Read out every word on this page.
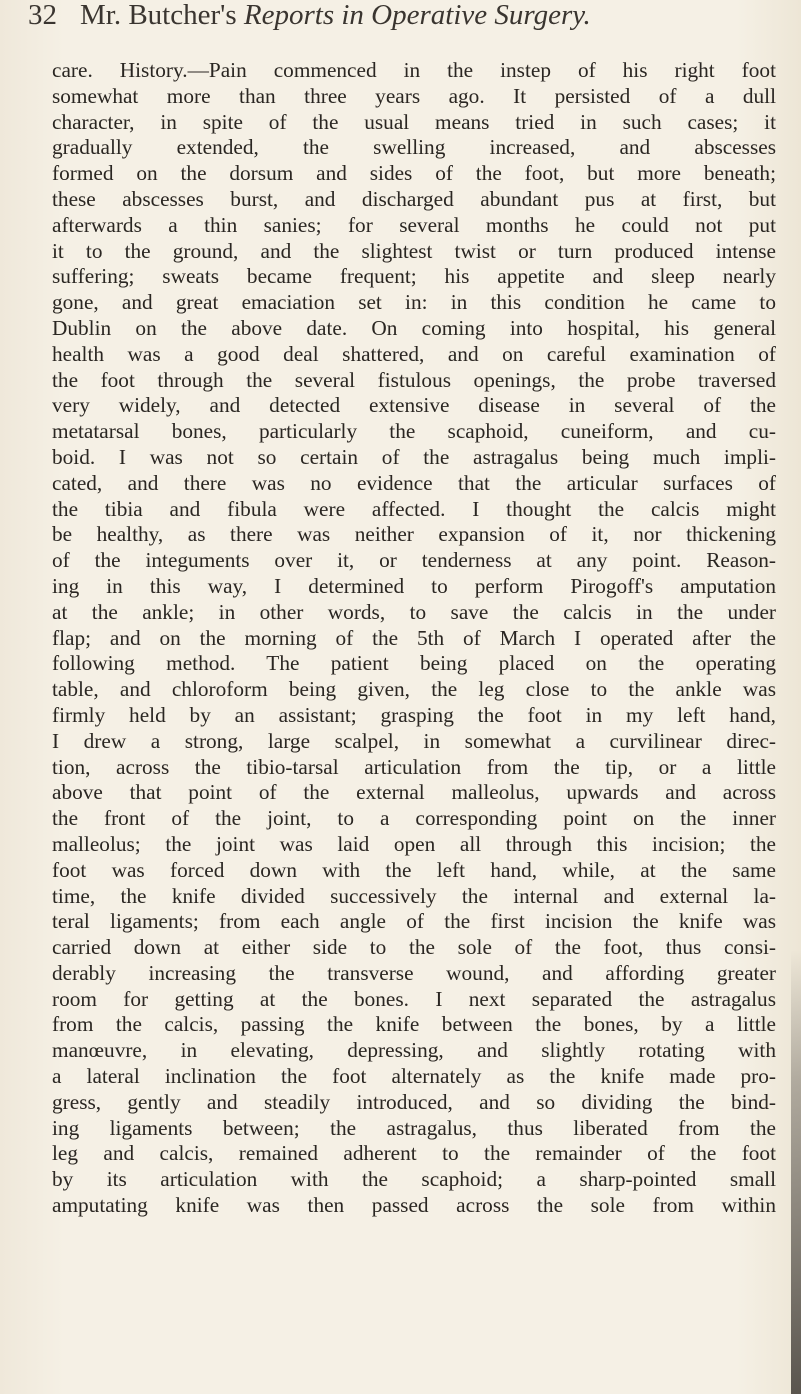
32 Mr. Butcher's Reports in Operative Surgery.
care. History.—Pain commenced in the instep of his right foot
somewhat more than three years ago. It persisted of a dull
character, in spite of the usual means tried in such cases; it
gradually extended, the swelling increased, and abscesses
formed on the dorsum and sides of the foot, but more beneath;
these abscesses burst, and discharged abundant pus at first, but
afterwards a thin sanies; for several months he could not put
it to the ground, and the slightest twist or turn produced intense
suffering; sweats became frequent; his appetite and sleep nearly
gone, and great emaciation set in: in this condition he came to
Dublin on the above date. On coming into hospital, his general
health was a good deal shattered, and on careful examination of
the foot through the several fistulous openings, the probe traversed
very widely, and detected extensive disease in several of the
metatarsal bones, particularly the scaphoid, cuneiform, and cu-
boid. I was not so certain of the astragalus being much impli-
cated, and there was no evidence that the articular surfaces of
the tibia and fibula were affected. I thought the calcis might
be healthy, as there was neither expansion of it, nor thickening
of the integuments over it, or tenderness at any point. Reason-
ing in this way, I determined to perform Pirogoff's amputation
at the ankle; in other words, to save the calcis in the under
flap; and on the morning of the 5th of March I operated after the
following method. The patient being placed on the operating
table, and chloroform being given, the leg close to the ankle was
firmly held by an assistant; grasping the foot in my left hand,
I drew a strong, large scalpel, in somewhat a curvilinear direc-
tion, across the tibio-tarsal articulation from the tip, or a little
above that point of the external malleolus, upwards and across
the front of the joint, to a corresponding point on the inner
malleolus; the joint was laid open all through this incision; the
foot was forced down with the left hand, while, at the same
time, the knife divided successively the internal and external la-
teral ligaments; from each angle of the first incision the knife was
carried down at either side to the sole of the foot, thus consi-
derably increasing the transverse wound, and affording greater
room for getting at the bones. I next separated the astragalus
from the calcis, passing the knife between the bones, by a little
manœuvre, in elevating, depressing, and slightly rotating with
a lateral inclination the foot alternately as the knife made pro-
gress, gently and steadily introduced, and so dividing the bind-
ing ligaments between; the astragalus, thus liberated from the
leg and calcis, remained adherent to the remainder of the foot
by its articulation with the scaphoid; a sharp-pointed small
amputating knife was then passed across the sole from within
